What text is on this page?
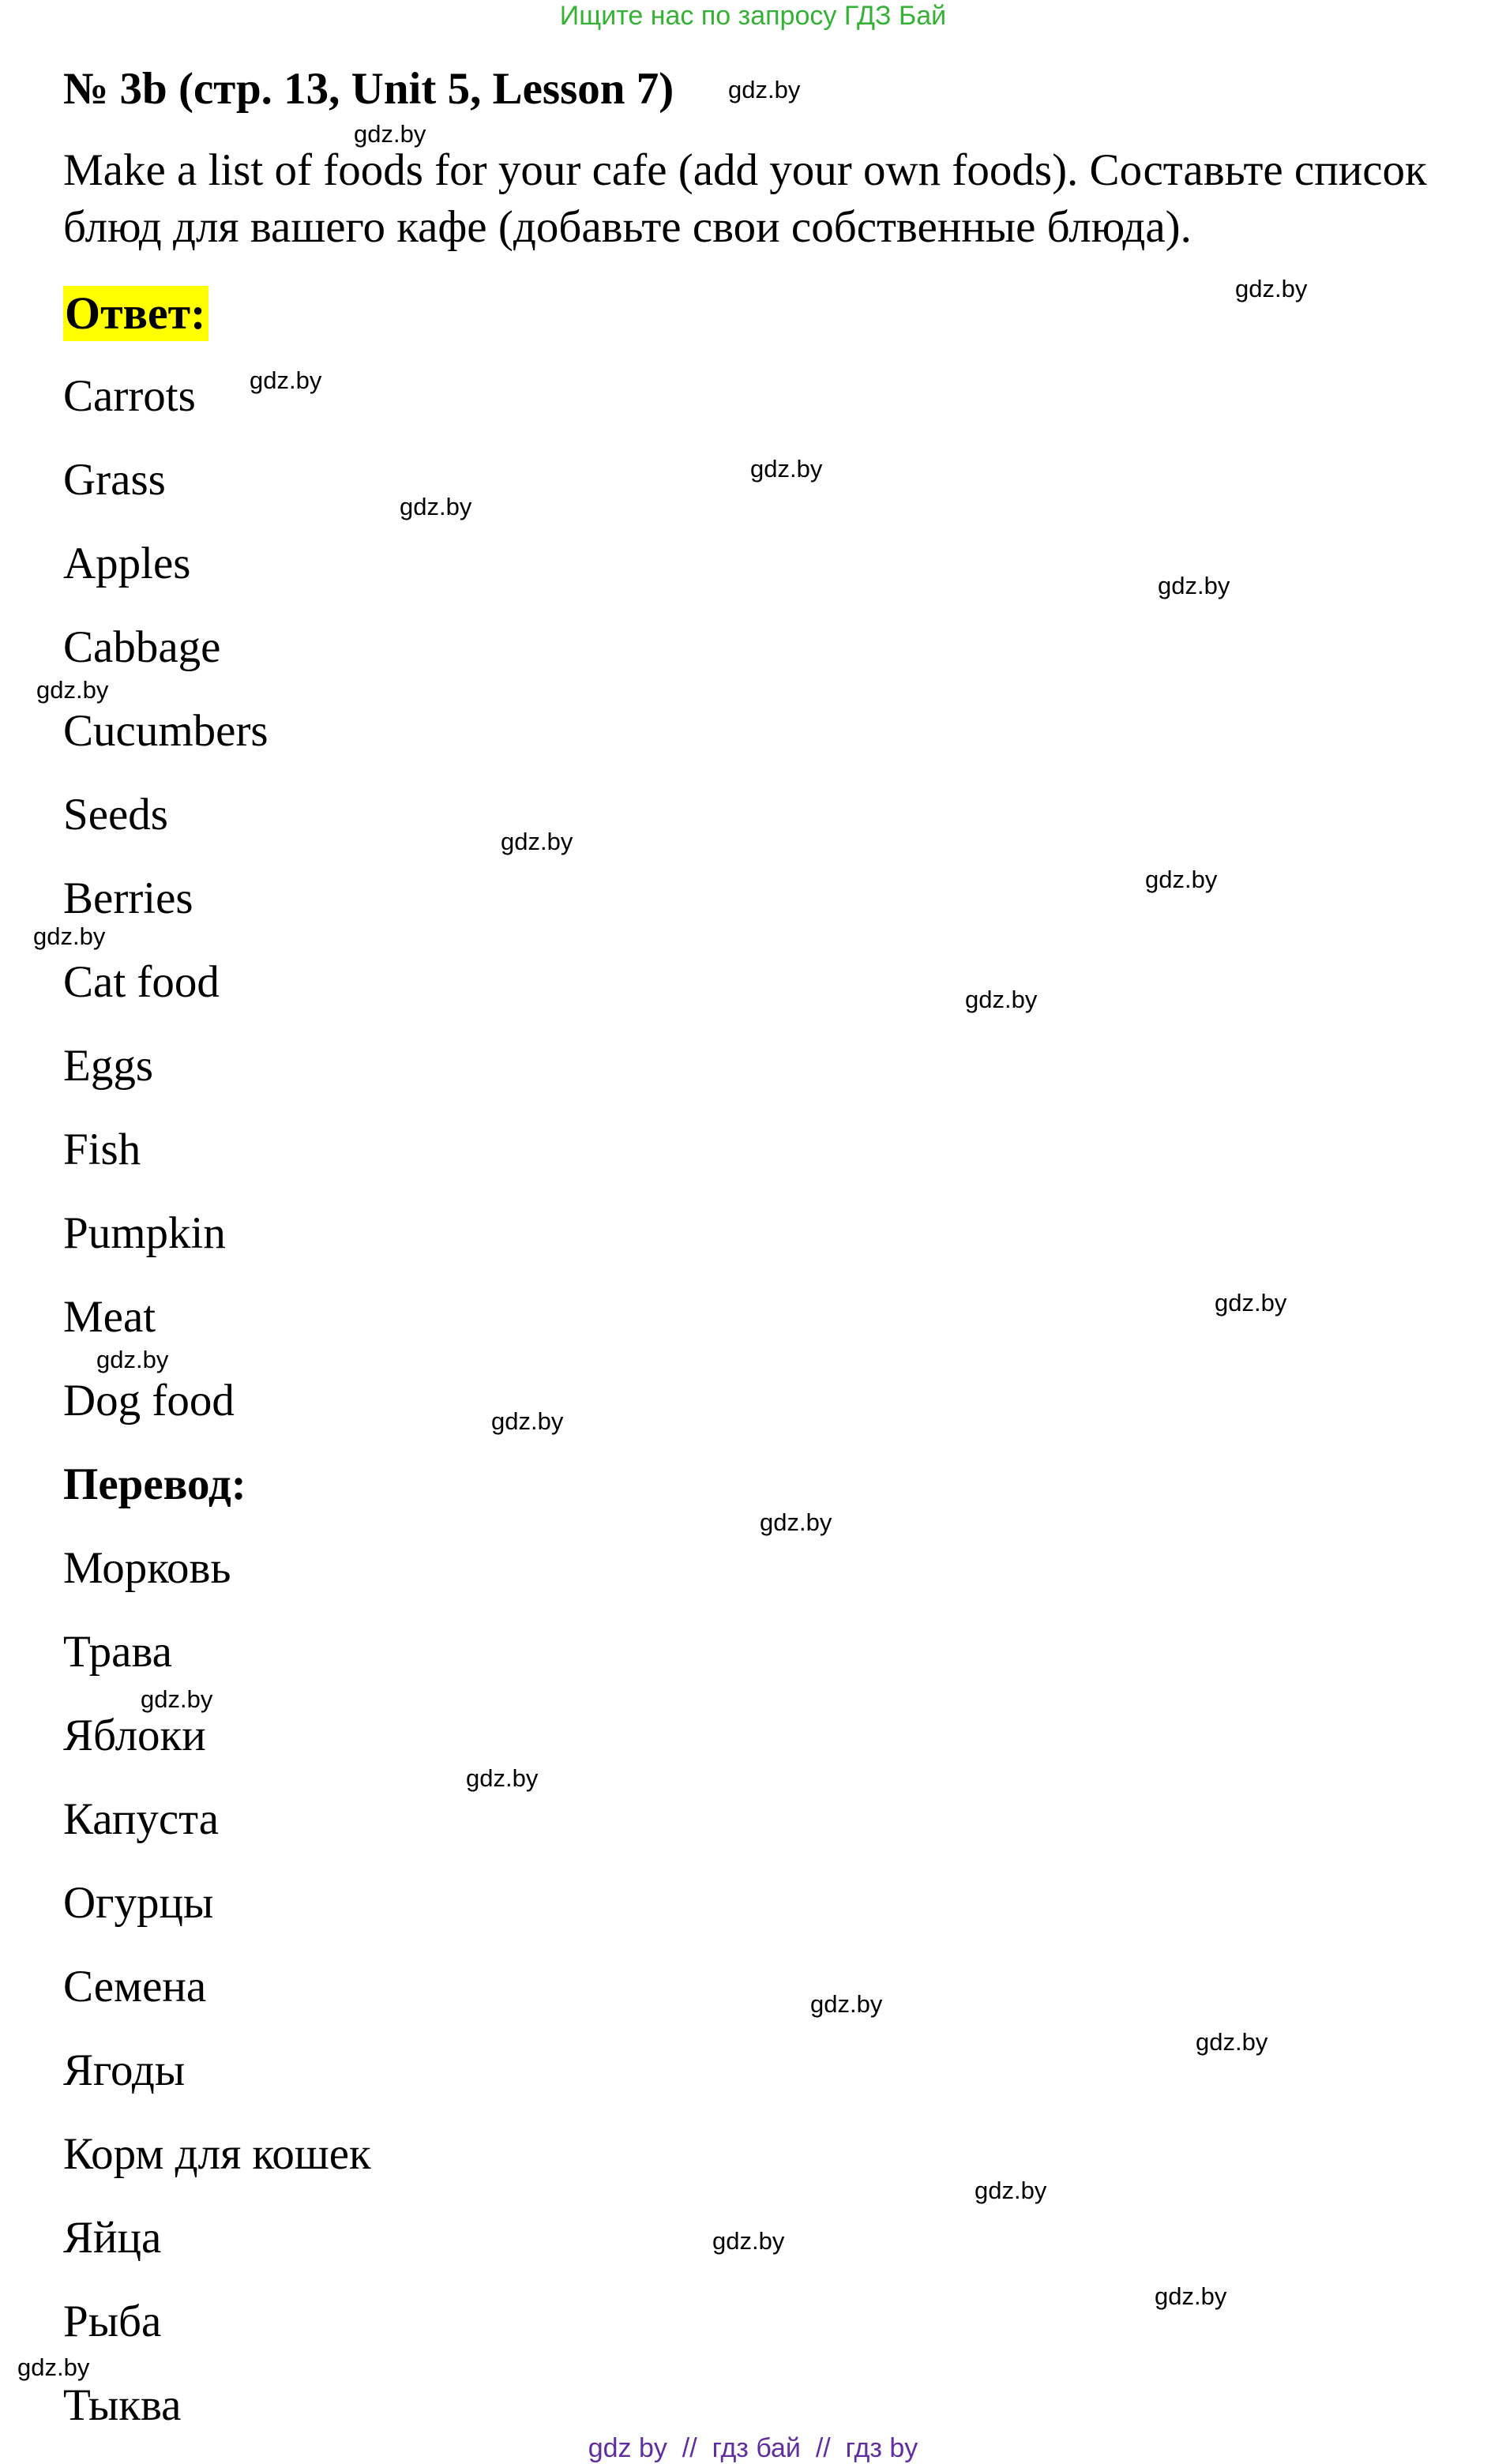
Ищите нас по запросу ГДЗ Бай
№ 3b (стр. 13, Unit 5, Lesson 7)
Make a list of foods for your cafe (add your own foods). Составьте список блюд для вашего кафе (добавьте свои собственные блюда).
Ответ:
Carrots
Grass
Apples
Cabbage
Cucumbers
Seeds
Berries
Cat food
Eggs
Fish
Pumpkin
Meat
Dog food
Перевод:
Морковь
Трава
Яблоки
Капуста
Огурцы
Семена
Ягоды
Корм для кошек
Яйца
Рыба
Тыква
gdz.by
gdz.by
gdz.by
gdz.by
gdz.by
gdz.by
gdz.by
gdz.by
gdz.by
gdz.by
gdz.by
gdz.by
gdz.by
gdz.by
gdz.by
gdz.by
gdz.by
gdz.by
gdz.by
gdz.by
gdz.by
gdz.by
gdz.by
gdz.by
gdz by  //  гдз бай  //  гдз by
